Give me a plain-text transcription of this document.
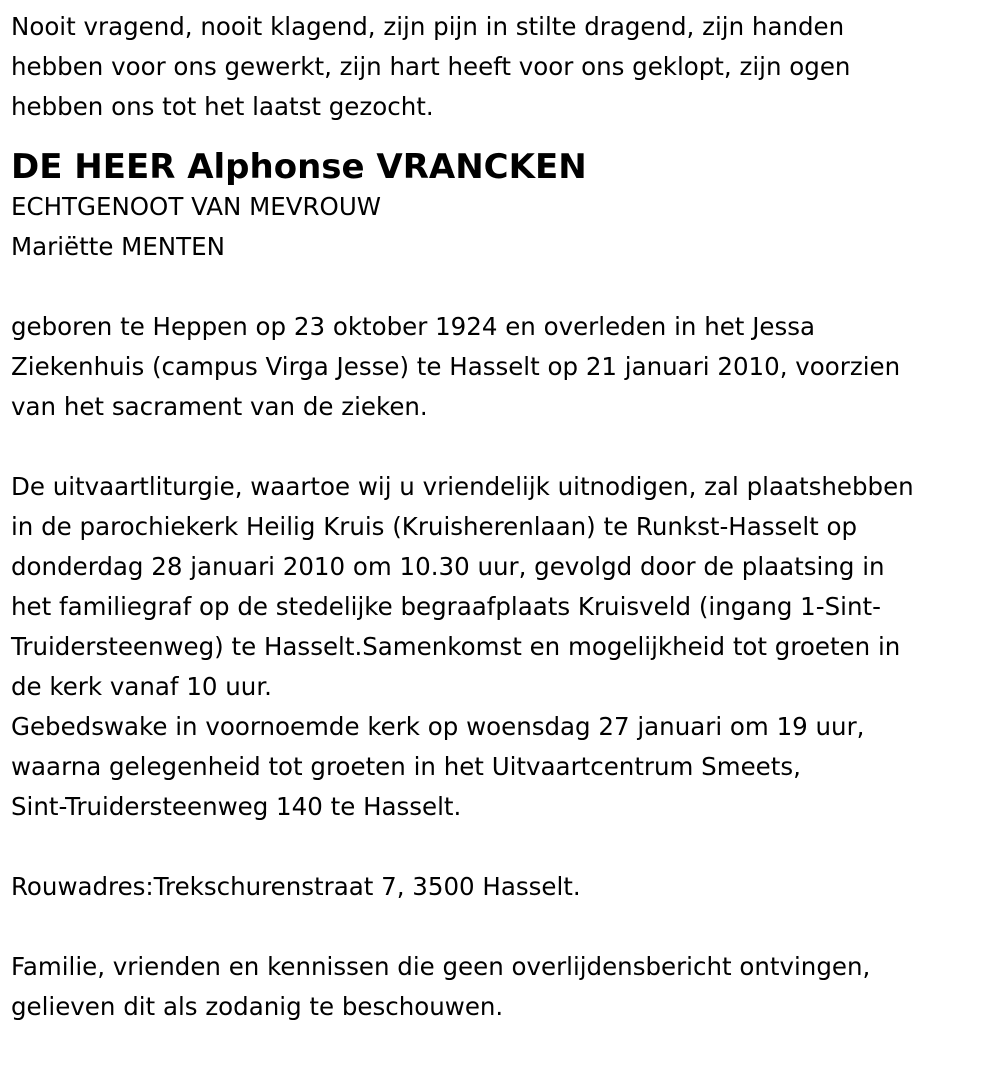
Nooit vragend, nooit klagend, zijn pijn in stilte dragend, zijn handen
hebben voor ons gewerkt, zijn hart heeft voor ons geklopt, zijn ogen
hebben ons tot het laatst gezocht.

DE HEER Alphonse VRANCKEN

ECHTGENOOT VAN MEVROUW
Mariëtte MENTEN

geboren te Heppen op 23 oktober 1924 en overleden in het Jessa
Ziekenhuis (campus Virga Jesse) te Hasselt op 21 januari 2010, voorzien
van het sacrament van de zieken.

De uitvaartliturgie, waartoe wij u vriendelijk uitnodigen, zal plaatshebben
in de parochiekerk Heilig Kruis (Kruisherenlaan) te Runkst-Hasselt op
donderdag 28 januari 2010 om 10.30 uur, gevolgd door de plaatsing in
het familiegraf op de stedelijke begraafplaats Kruisveld (ingang 1-Sint-
Truidersteenweg) te Hasselt.Samenkomst en mogelijkheid tot groeten in
de kerk vanaf 10 uur.
Gebedswake in voornoemde kerk op woensdag 27 januari om 19 uur,
waarna gelegenheid tot groeten in het Uitvaartcentrum Smeets,
Sint-Truidersteenweg 140 te Hasselt.

Rouwadres:Trekschurenstraat 7, 3500 Hasselt.

Familie, vrienden en kennissen die geen overlijdensbericht ontvingen,
gelieven dit als zodanig te beschouwen.
